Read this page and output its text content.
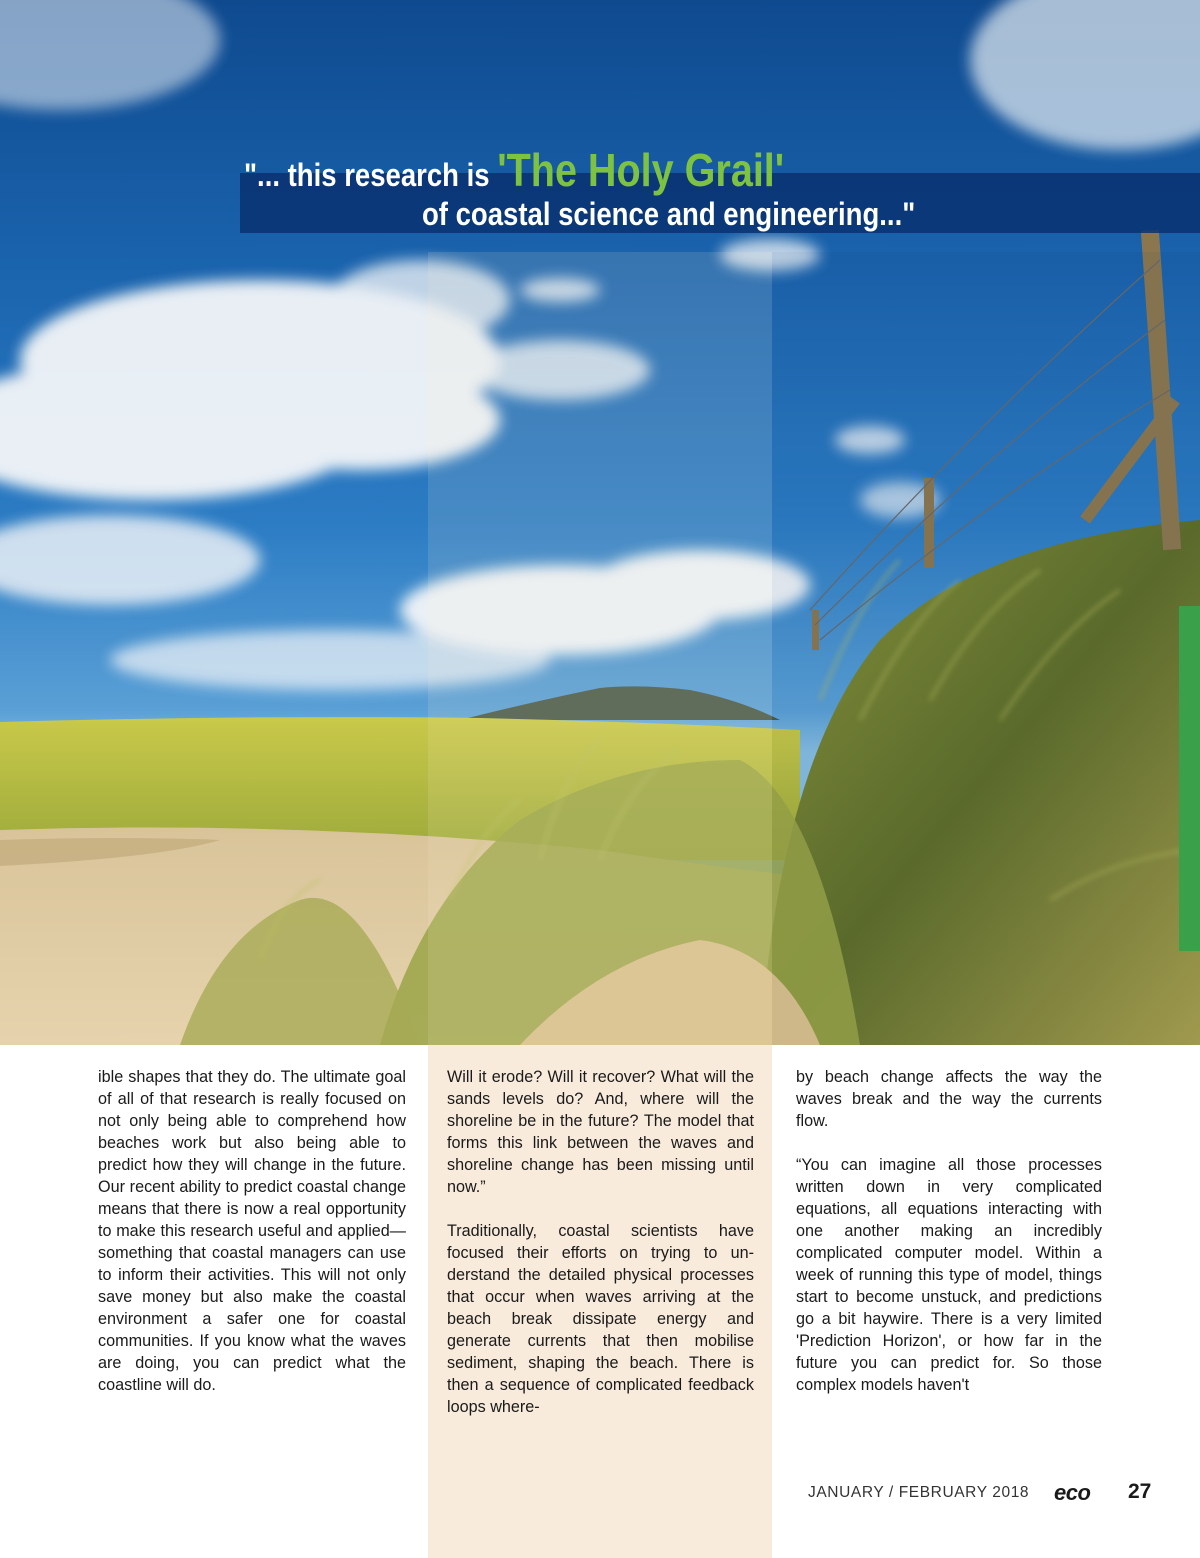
"... this research is 'The Holy Grail'
of coastal science and engineering..."

ible shapes that they do. The ultimate goal of all of that research is really focused on not only being able to comprehend how beaches work but also being able to predict how they will change in the future. Our recent ability to predict coastal change means that there is now a real opportunity to make this research useful and applied—something that coastal managers can use to inform their activities. This will not only save money but also make the coastal environment a safer one for coastal communities. If you know what the waves are doing, you can predict what the coastline will do.

Will it erode? Will it recover? What will the sands levels do? And, where will the shoreline be in the future? The model that forms this link between the waves and shoreline change has been missing until now.”

Traditionally, coastal scientists have focused their efforts on trying to understand the detailed physical processes that occur when waves arriving at the beach break dissipate energy and generate currents that then mobilise sediment, shaping the beach. There is then a sequence of complicated feedback loops where-

by beach change affects the way the waves break and the way the currents flow.

“You can imagine all those processes written down in very complicated equations, all equations interacting with one another making an incredibly complicated computer model. Within a week of running this type of model, things start to become unstuck, and predictions go a bit haywire. There is a very limited 'Prediction Horizon', or how far in the future you can predict for. So those complex models haven't

JANUARY / FEBRUARY 2018 eco 27
